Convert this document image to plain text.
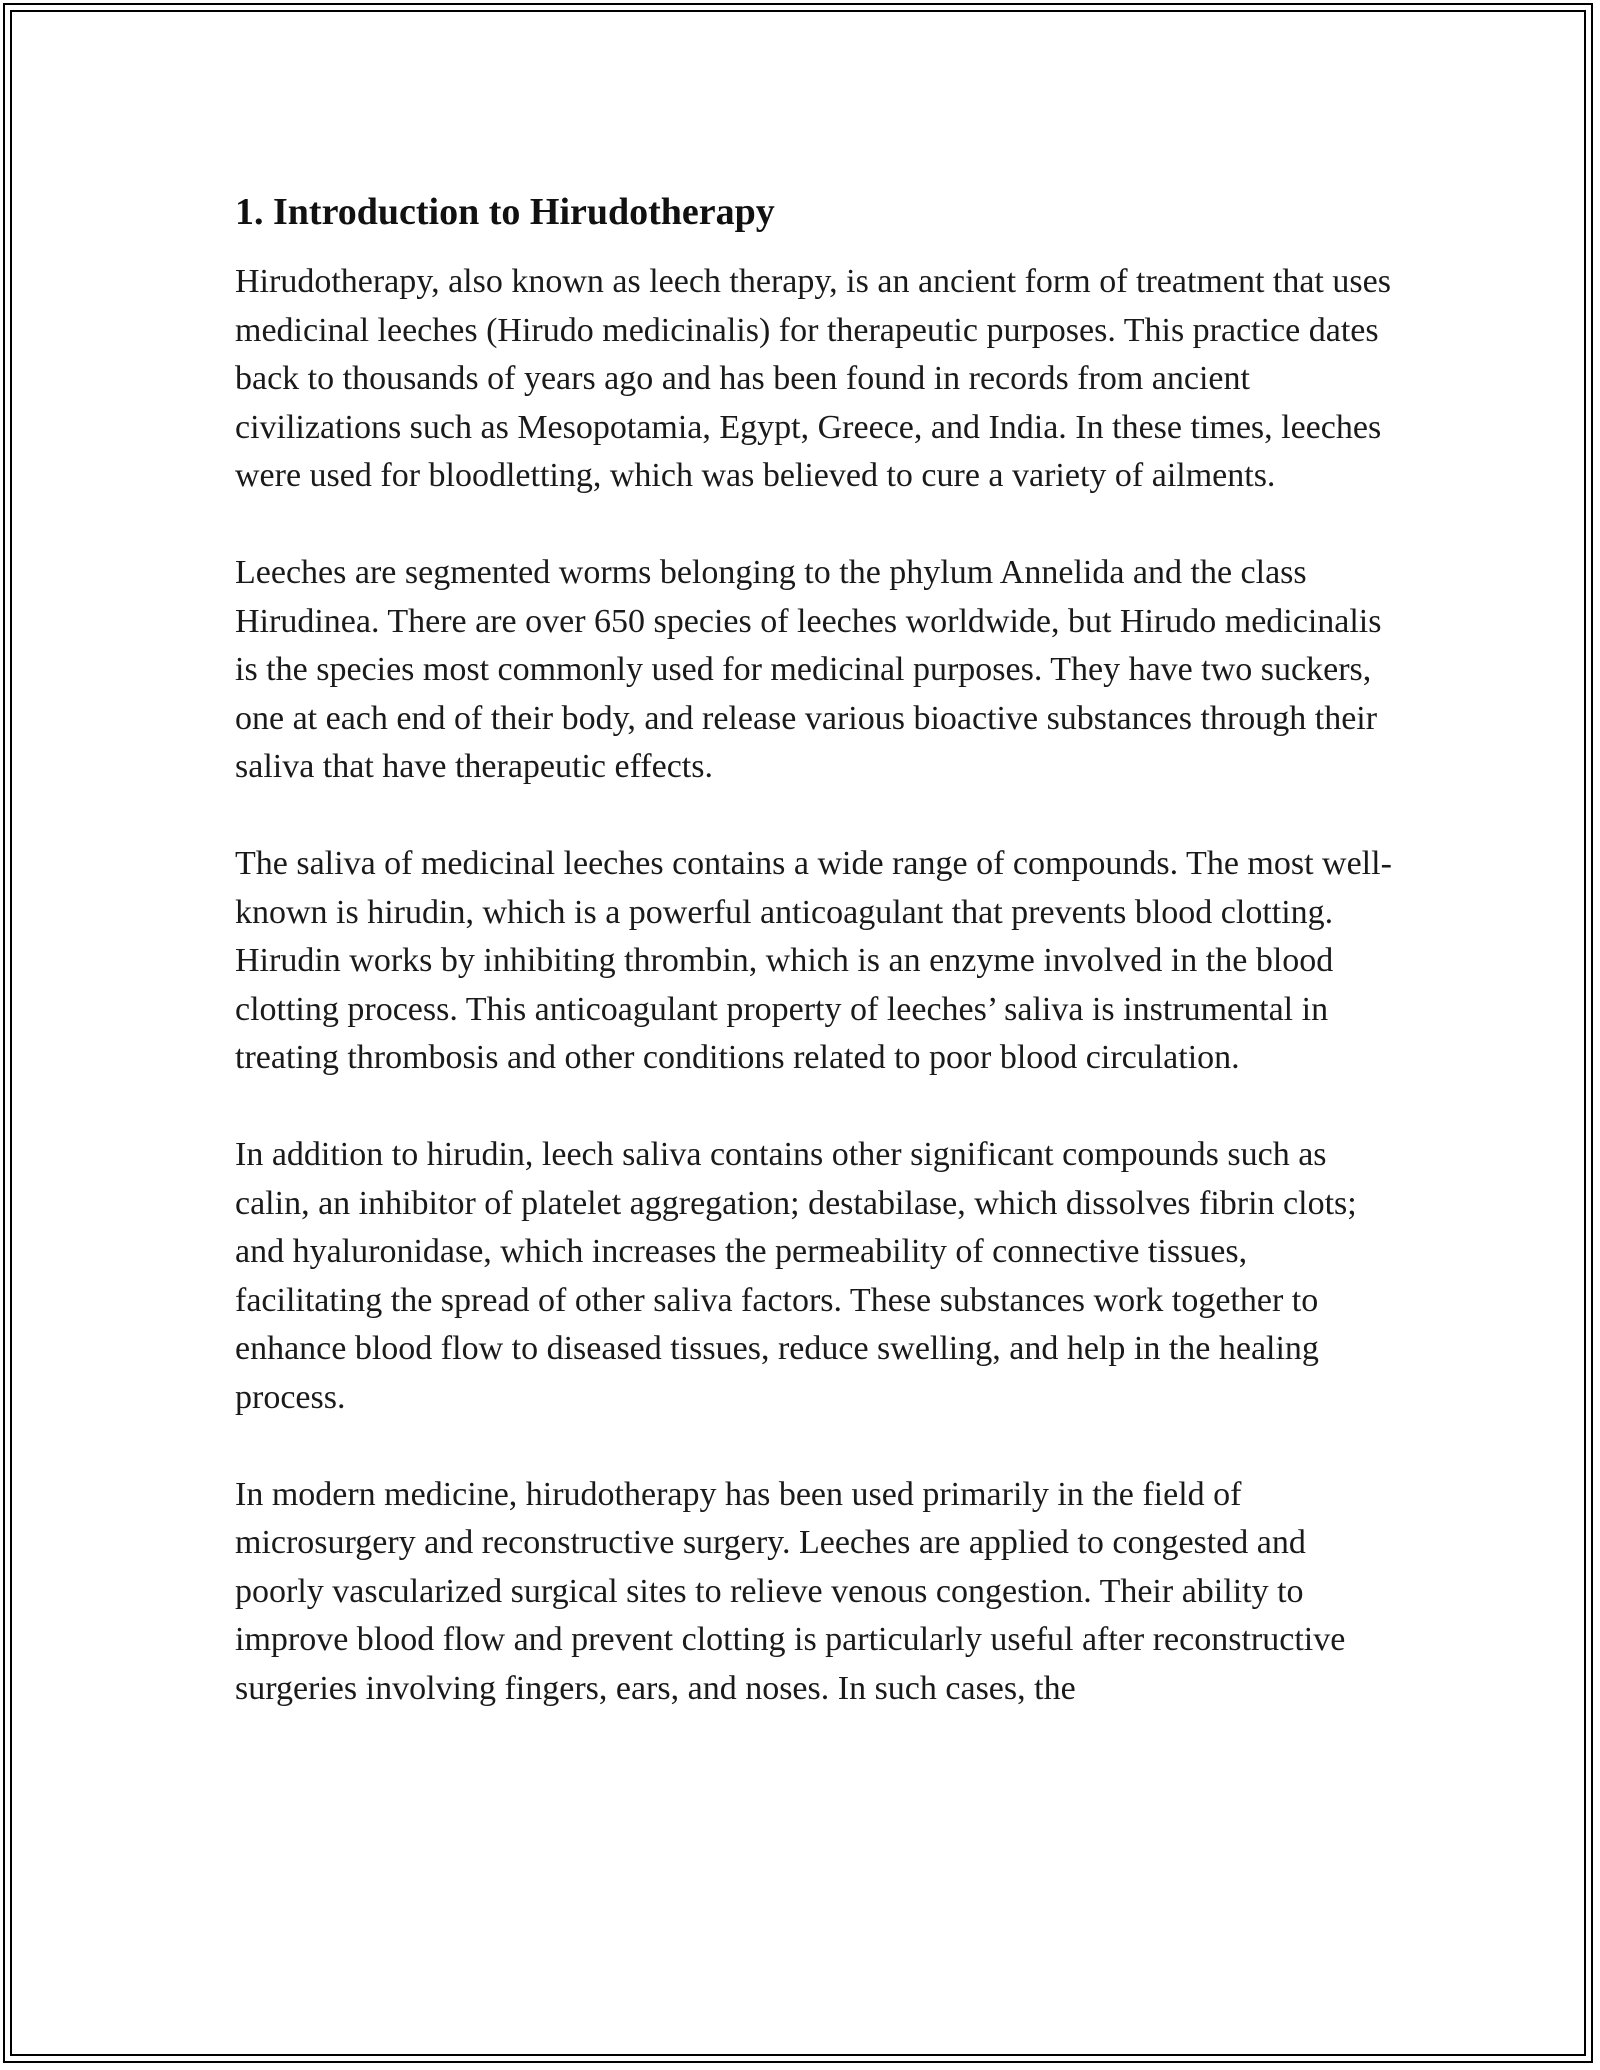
1. Introduction to Hirudotherapy

Hirudotherapy, also known as leech therapy, is an ancient form of treatment that uses medicinal leeches (Hirudo medicinalis) for therapeutic purposes. This practice dates back to thousands of years ago and has been found in records from ancient civilizations such as Mesopotamia, Egypt, Greece, and India. In these times, leeches were used for bloodletting, which was believed to cure a variety of ailments.

Leeches are segmented worms belonging to the phylum Annelida and the class Hirudinea. There are over 650 species of leeches worldwide, but Hirudo medicinalis is the species most commonly used for medicinal purposes. They have two suckers, one at each end of their body, and release various bioactive substances through their saliva that have therapeutic effects.

The saliva of medicinal leeches contains a wide range of compounds. The most well-known is hirudin, which is a powerful anticoagulant that prevents blood clotting. Hirudin works by inhibiting thrombin, which is an enzyme involved in the blood clotting process. This anticoagulant property of leeches’ saliva is instrumental in treating thrombosis and other conditions related to poor blood circulation.

In addition to hirudin, leech saliva contains other significant compounds such as calin, an inhibitor of platelet aggregation; destabilase, which dissolves fibrin clots; and hyaluronidase, which increases the permeability of connective tissues, facilitating the spread of other saliva factors. These substances work together to enhance blood flow to diseased tissues, reduce swelling, and help in the healing process.

In modern medicine, hirudotherapy has been used primarily in the field of microsurgery and reconstructive surgery. Leeches are applied to congested and poorly vascularized surgical sites to relieve venous congestion. Their ability to improve blood flow and prevent clotting is particularly useful after reconstructive surgeries involving fingers, ears, and noses. In such cases, the
